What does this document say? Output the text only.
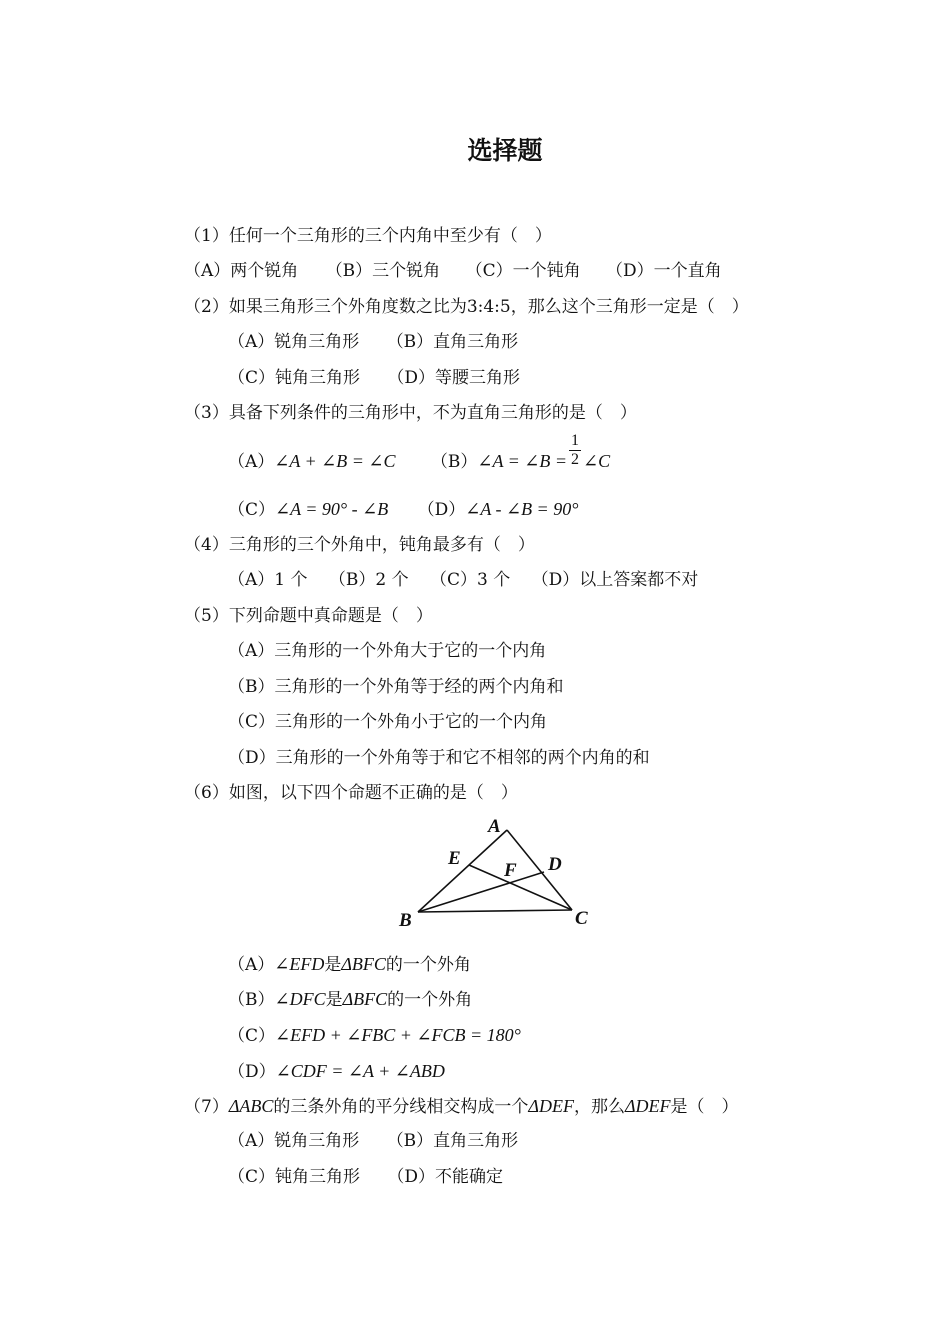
选择题
（1）任何一个三角形的三个内角中至少有（　）
（A）两个锐角 （B）三个锐角 （C）一个钝角 （D）一个直角
（2）如果三角形三个外角度数之比为3:4:5，那么这个三角形一定是（　）
（A）锐角三角形 （B）直角三角形
（C）钝角三角形 （D）等腰三角形
（3）具备下列条件的三角形中，不为直角三角形的是（　）
（A）∠A + ∠B = ∠C （B）∠A = ∠B = $\frac{1}{2}$ ∠C
（C）∠A = 90° - ∠B （D）∠A - ∠B = 90°
（4）三角形的三个外角中，钝角最多有（　）
（A）1 个 （B）2 个 （C）3 个 （D）以上答案都不对
（5）下列命题中真命题是（　）
（A）三角形的一个外角大于它的一个内角
（B）三角形的一个外角等于经的两个内角和
（C）三角形的一个外角小于它的一个内角
（D）三角形的一个外角等于和它不相邻的两个内角的和
（6）如图，以下四个命题不正确的是（　）
A
B	C
D
E
F
（A）∠EFD是ΔBFC的一个外角
（B）∠DFC是ΔBFC的一个外角
（C）∠EFD + ∠FBC + ∠FCB = 180°
（D）∠CDF = ∠A + ∠ABD
（7）ΔABC的三条外角的平分线相交构成一个ΔDEF，那么ΔDEF是（　）
（A）锐角三角形 （B）直角三角形
（C）钝角三角形 （D）不能确定
